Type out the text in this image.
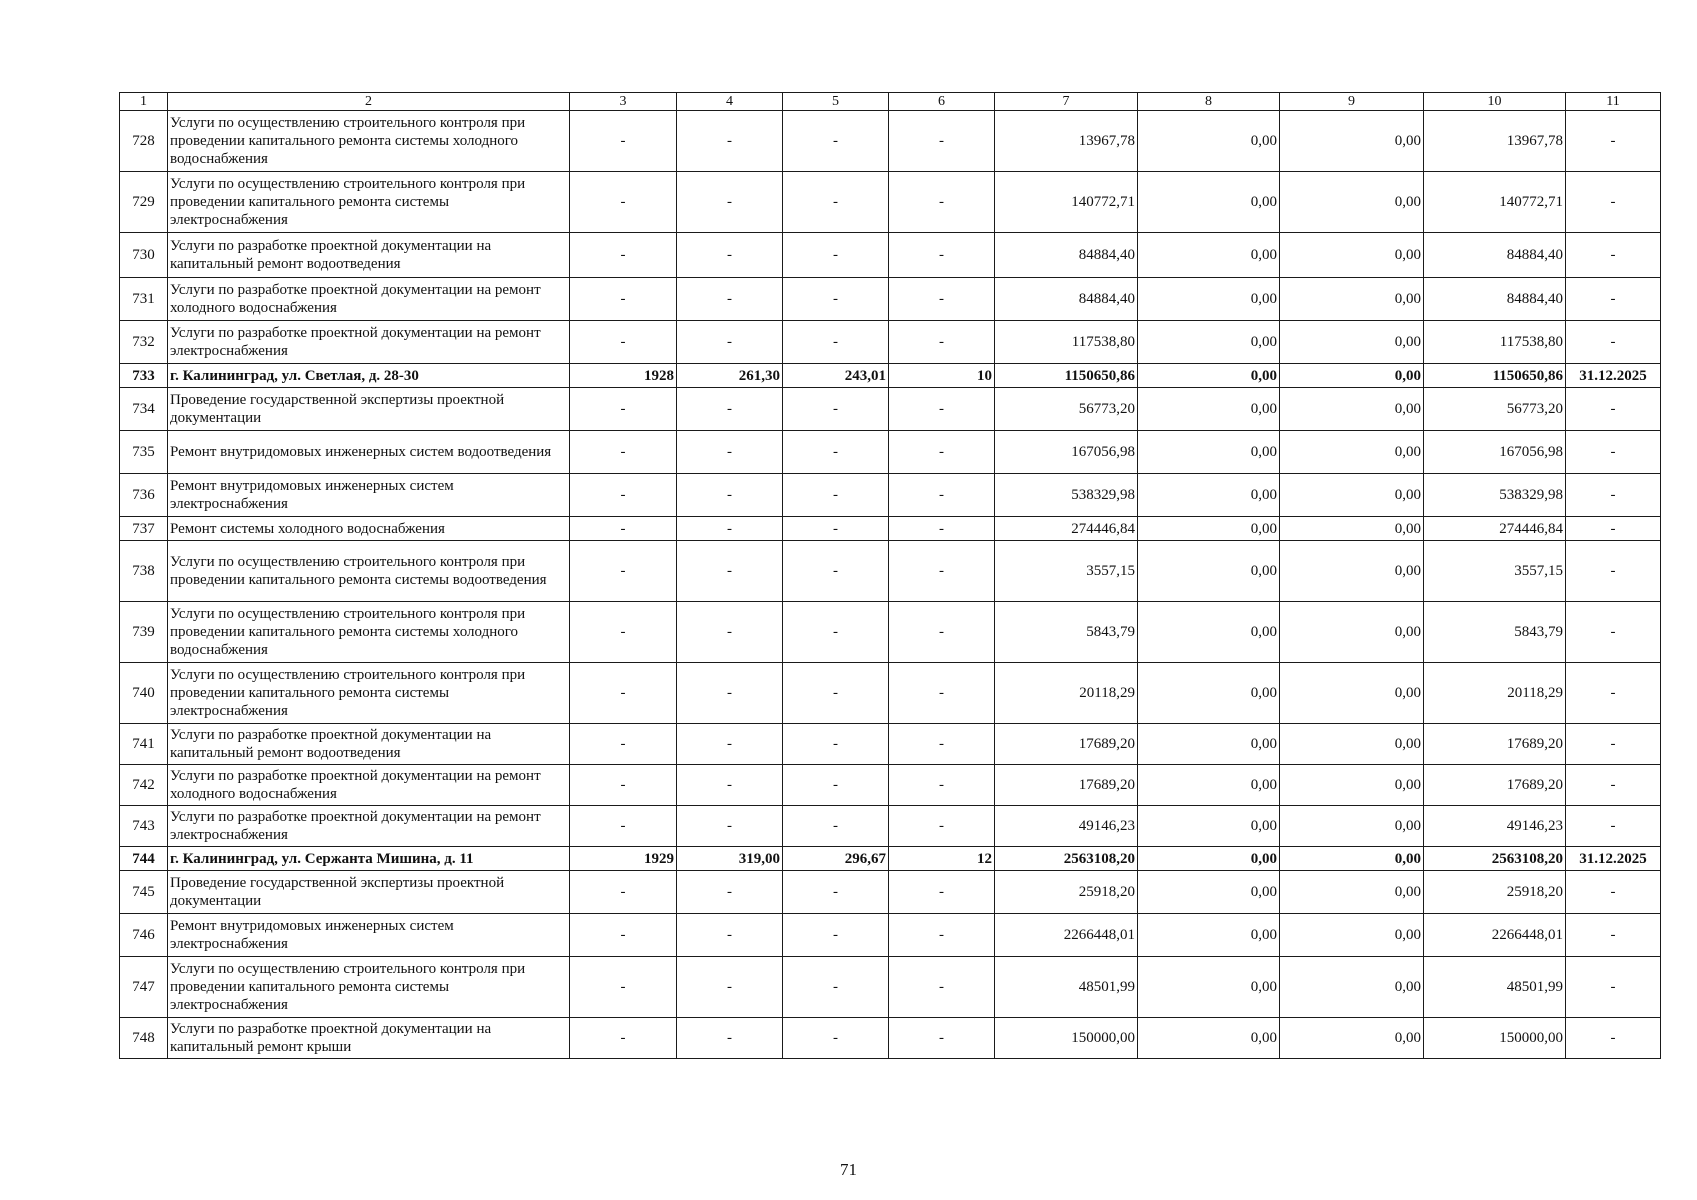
1	2	3	4	5	6	7	8	9	10	11
728	Услуги по осуществлению строительного контроля при проведении капитального ремонта системы холодного водоснабжения	-	-	-	-	13967,78	0,00	0,00	13967,78	-
729	Услуги по осуществлению строительного контроля при проведении капитального ремонта системы электроснабжения	-	-	-	-	140772,71	0,00	0,00	140772,71	-
730	Услуги по разработке проектной документации на капитальный ремонт водоотведения	-	-	-	-	84884,40	0,00	0,00	84884,40	-
731	Услуги по разработке проектной документации на ремонт холодного водоснабжения	-	-	-	-	84884,40	0,00	0,00	84884,40	-
732	Услуги по разработке проектной документации на ремонт электроснабжения	-	-	-	-	117538,80	0,00	0,00	117538,80	-
733	г. Калининград, ул. Светлая, д. 28-30	1928	261,30	243,01	10	1150650,86	0,00	0,00	1150650,86	31.12.2025
734	Проведение государственной экспертизы проектной документации	-	-	-	-	56773,20	0,00	0,00	56773,20	-
735	Ремонт внутридомовых инженерных систем водоотведения	-	-	-	-	167056,98	0,00	0,00	167056,98	-
736	Ремонт внутридомовых инженерных систем электроснабжения	-	-	-	-	538329,98	0,00	0,00	538329,98	-
737	Ремонт системы холодного водоснабжения	-	-	-	-	274446,84	0,00	0,00	274446,84	-
738	Услуги по осуществлению строительного контроля при проведении капитального ремонта системы водоотведения	-	-	-	-	3557,15	0,00	0,00	3557,15	-
739	Услуги по осуществлению строительного контроля при проведении капитального ремонта системы холодного водоснабжения	-	-	-	-	5843,79	0,00	0,00	5843,79	-
740	Услуги по осуществлению строительного контроля при проведении капитального ремонта системы электроснабжения	-	-	-	-	20118,29	0,00	0,00	20118,29	-
741	Услуги по разработке проектной документации на капитальный ремонт водоотведения	-	-	-	-	17689,20	0,00	0,00	17689,20	-
742	Услуги по разработке проектной документации на ремонт холодного водоснабжения	-	-	-	-	17689,20	0,00	0,00	17689,20	-
743	Услуги по разработке проектной документации на ремонт электроснабжения	-	-	-	-	49146,23	0,00	0,00	49146,23	-
744	г. Калининград, ул. Сержанта Мишина, д. 11	1929	319,00	296,67	12	2563108,20	0,00	0,00	2563108,20	31.12.2025
745	Проведение государственной экспертизы проектной документации	-	-	-	-	25918,20	0,00	0,00	25918,20	-
746	Ремонт внутридомовых инженерных систем электроснабжения	-	-	-	-	2266448,01	0,00	0,00	2266448,01	-
747	Услуги по осуществлению строительного контроля при проведении капитального ремонта системы электроснабжения	-	-	-	-	48501,99	0,00	0,00	48501,99	-
748	Услуги по разработке проектной документации на капитальный ремонт крыши	-	-	-	-	150000,00	0,00	0,00	150000,00	-
71
